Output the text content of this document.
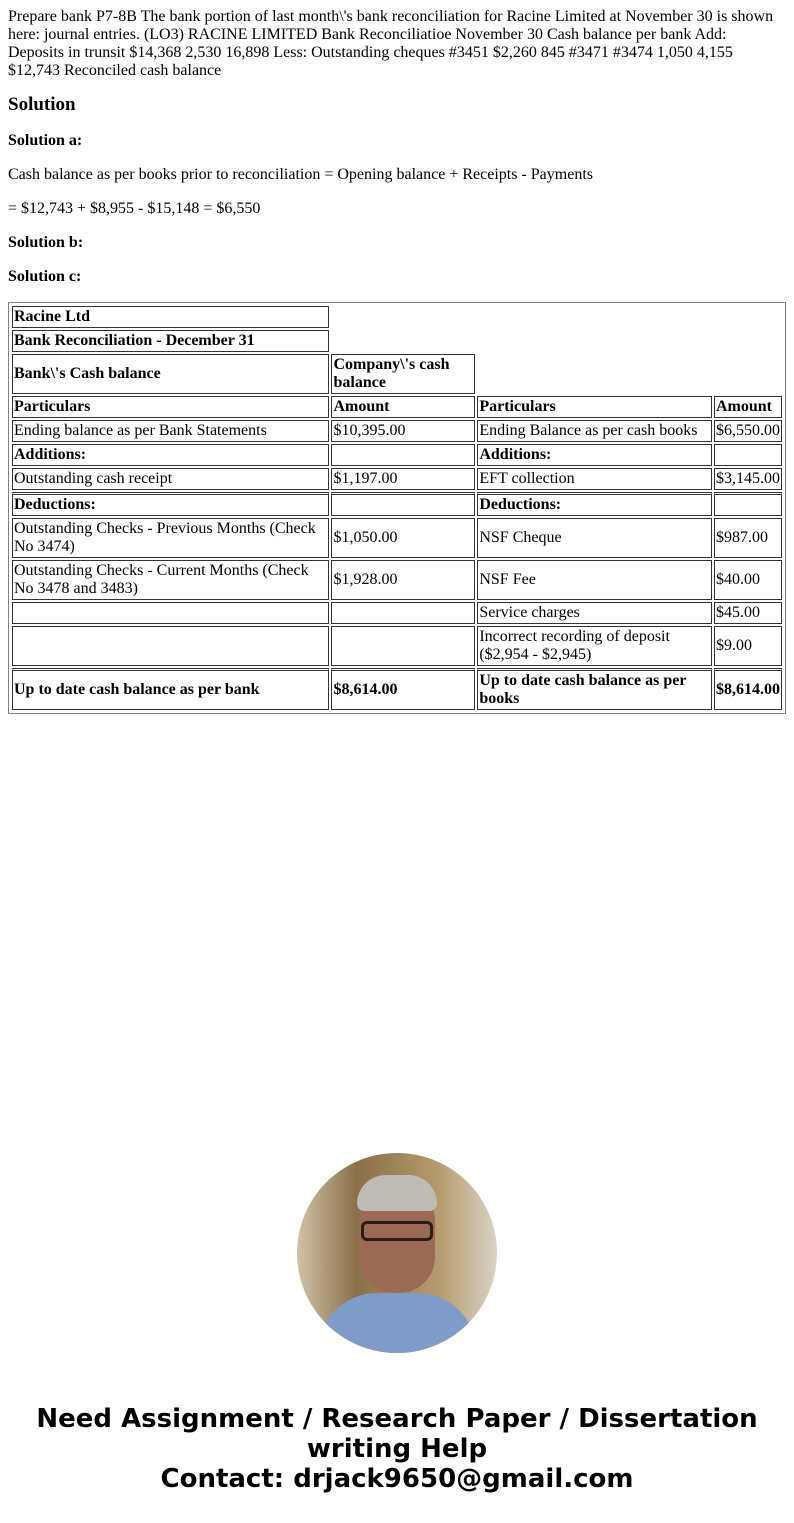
Prepare bank P7-8B The bank portion of last month\'s bank reconciliation for Racine Limited at November 30 is shown here: journal entries. (LO3) RACINE LIMITED Bank Reconciliatioe November 30 Cash balance per bank Add: Deposits in trunsit $14,368 2,530 16,898 Less: Outstanding cheques #3451 $2,260 845 #3471 #3474 1,050 4,155 $12,743 Reconciled cash balance

Solution

Solution a:

Cash balance as per books prior to reconciliation = Opening balance + Receipts - Payments

= $12,743 + $8,955 - $15,148 = $6,550

Solution b:

Solution c:

Racine Ltd			
Bank Reconciliation - December 31			
Bank\'s Cash balance	Company\'s cash balance		
Particulars	Amount	Particulars	Amount
Ending balance as per Bank Statements	$10,395.00	Ending Balance as per cash books	$6,550.00
Additions:		Additions:	
Outstanding cash receipt	$1,197.00	EFT collection	$3,145.00
Deductions:		Deductions:	
Outstanding Checks - Previous Months (Check No 3474)	$1,050.00	NSF Cheque	$987.00
Outstanding Checks - Current Months (Check No 3478 and 3483)	$1,928.00	NSF Fee	$40.00
		Service charges	$45.00
		Incorrect recording of deposit ($2,954 - $2,945)	$9.00
Up to date cash balance as per bank	$8,614.00	Up to date cash balance as per books	$8,614.00
Need Assignment / Research Paper / Dissertation writing Help
Contact: drjack9650@gmail.com
